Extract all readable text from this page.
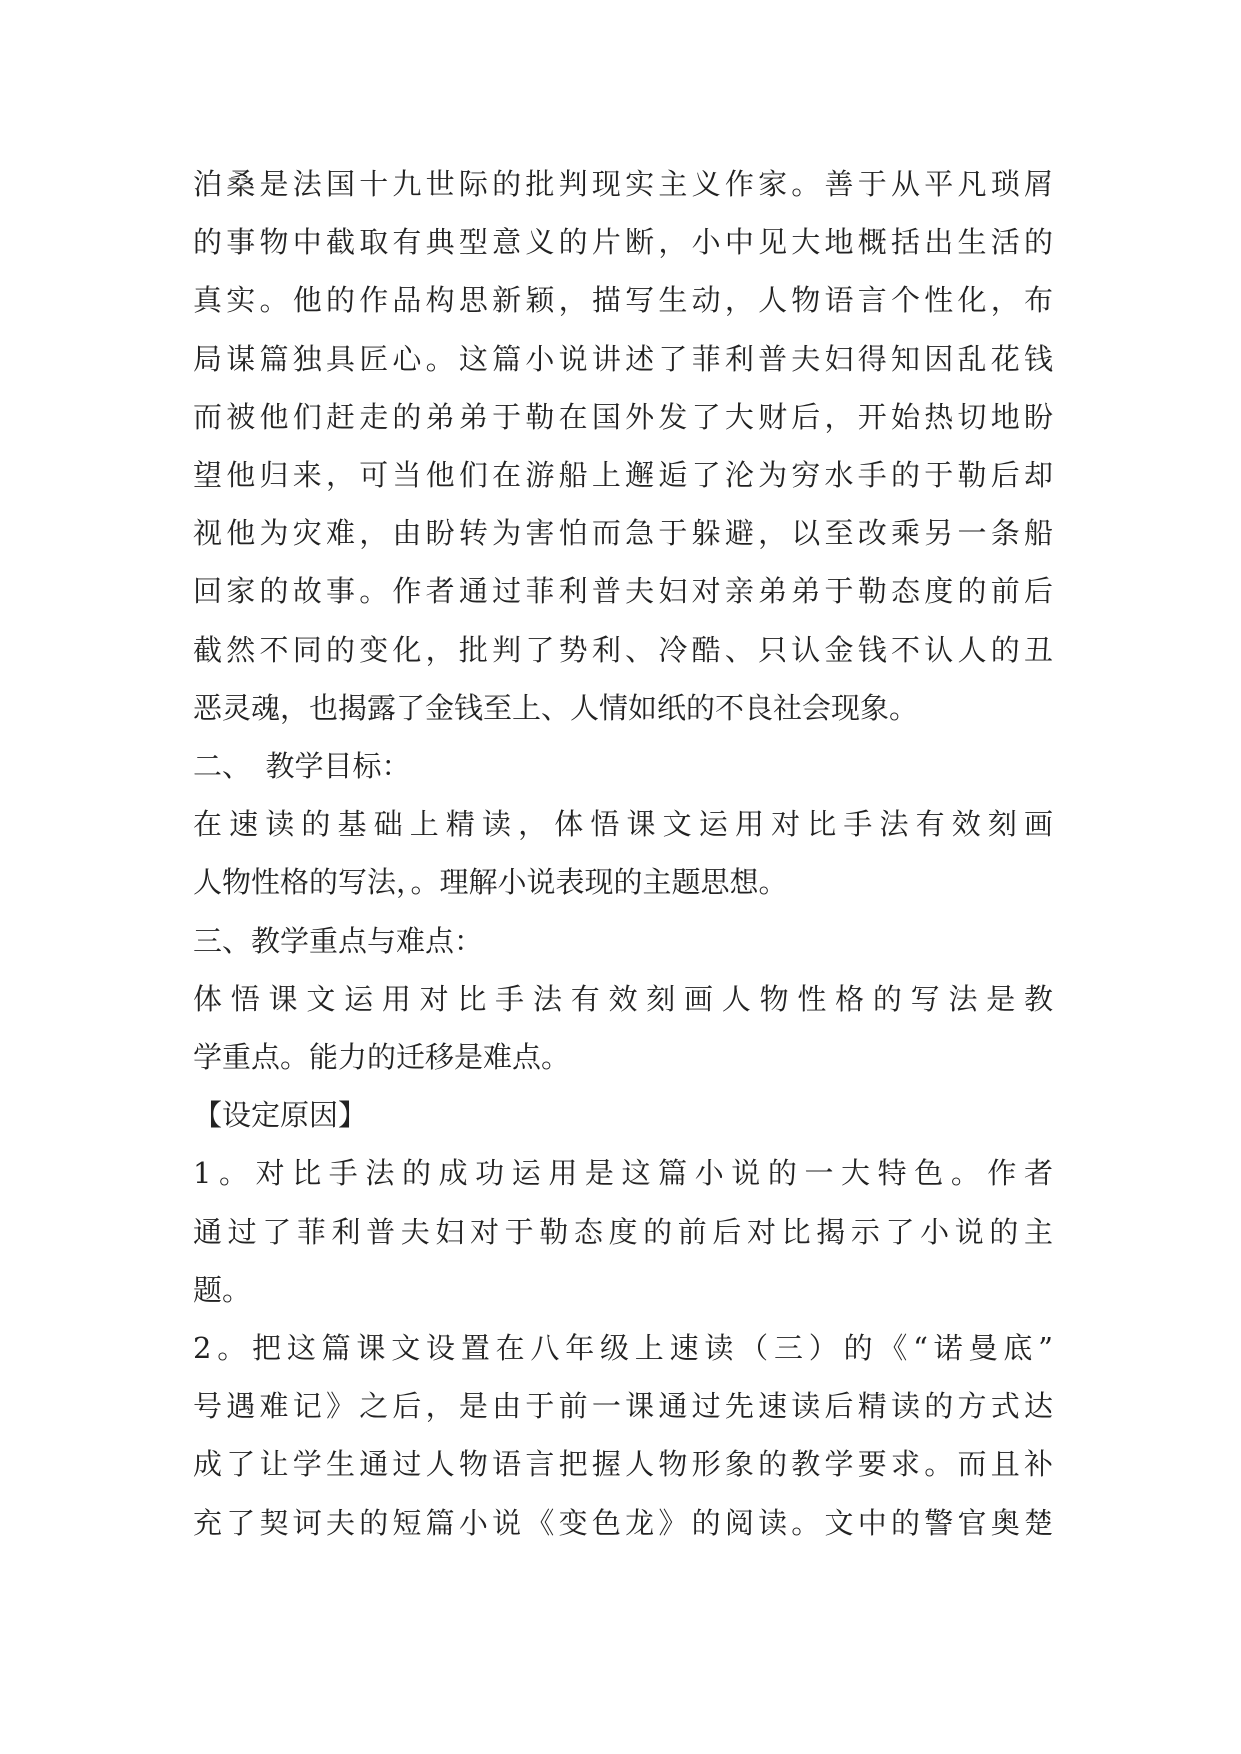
泊桑是法国十九世际的批判现实主义作家。善于从平凡琐屑

的事物中截取有典型意义的片断，小中见大地概括出生活的

真实。他的作品构思新颖，描写生动，人物语言个性化，布

局谋篇独具匠心。这篇小说讲述了菲利普夫妇得知因乱花钱

而被他们赶走的弟弟于勒在国外发了大财后，开始热切地盼

望他归来，可当他们在游船上邂逅了沦为穷水手的于勒后却

视他为灾难，由盼转为害怕而急于躲避，以至改乘另一条船

回家的故事。作者通过菲利普夫妇对亲弟弟于勒态度的前后

截然不同的变化，批判了势利、冷酷、只认金钱不认人的丑

恶灵魂，也揭露了金钱至上、人情如纸的不良社会现象。

二、　教学目标：

在速读的基础上精读，体悟课文运用对比手法有效刻画

人物性格的写法，。理解小说表现的主题思想。

三、教学重点与难点：

体悟课文运用对比手法有效刻画人物性格的写法是教

学重点。能力的迁移是难点。

【设定原因】

1。对比手法的成功运用是这篇小说的一大特色。作者

通过了菲利普夫妇对于勒态度的前后对比揭示了小说的主

题。

2。把这篇课文设置在八年级上速读（三）的《“诺曼底”

号遇难记》之后，是由于前一课通过先速读后精读的方式达

成了让学生通过人物语言把握人物形象的教学要求。而且补

充了契诃夫的短篇小说《变色龙》的阅读。文中的警官奥楚
